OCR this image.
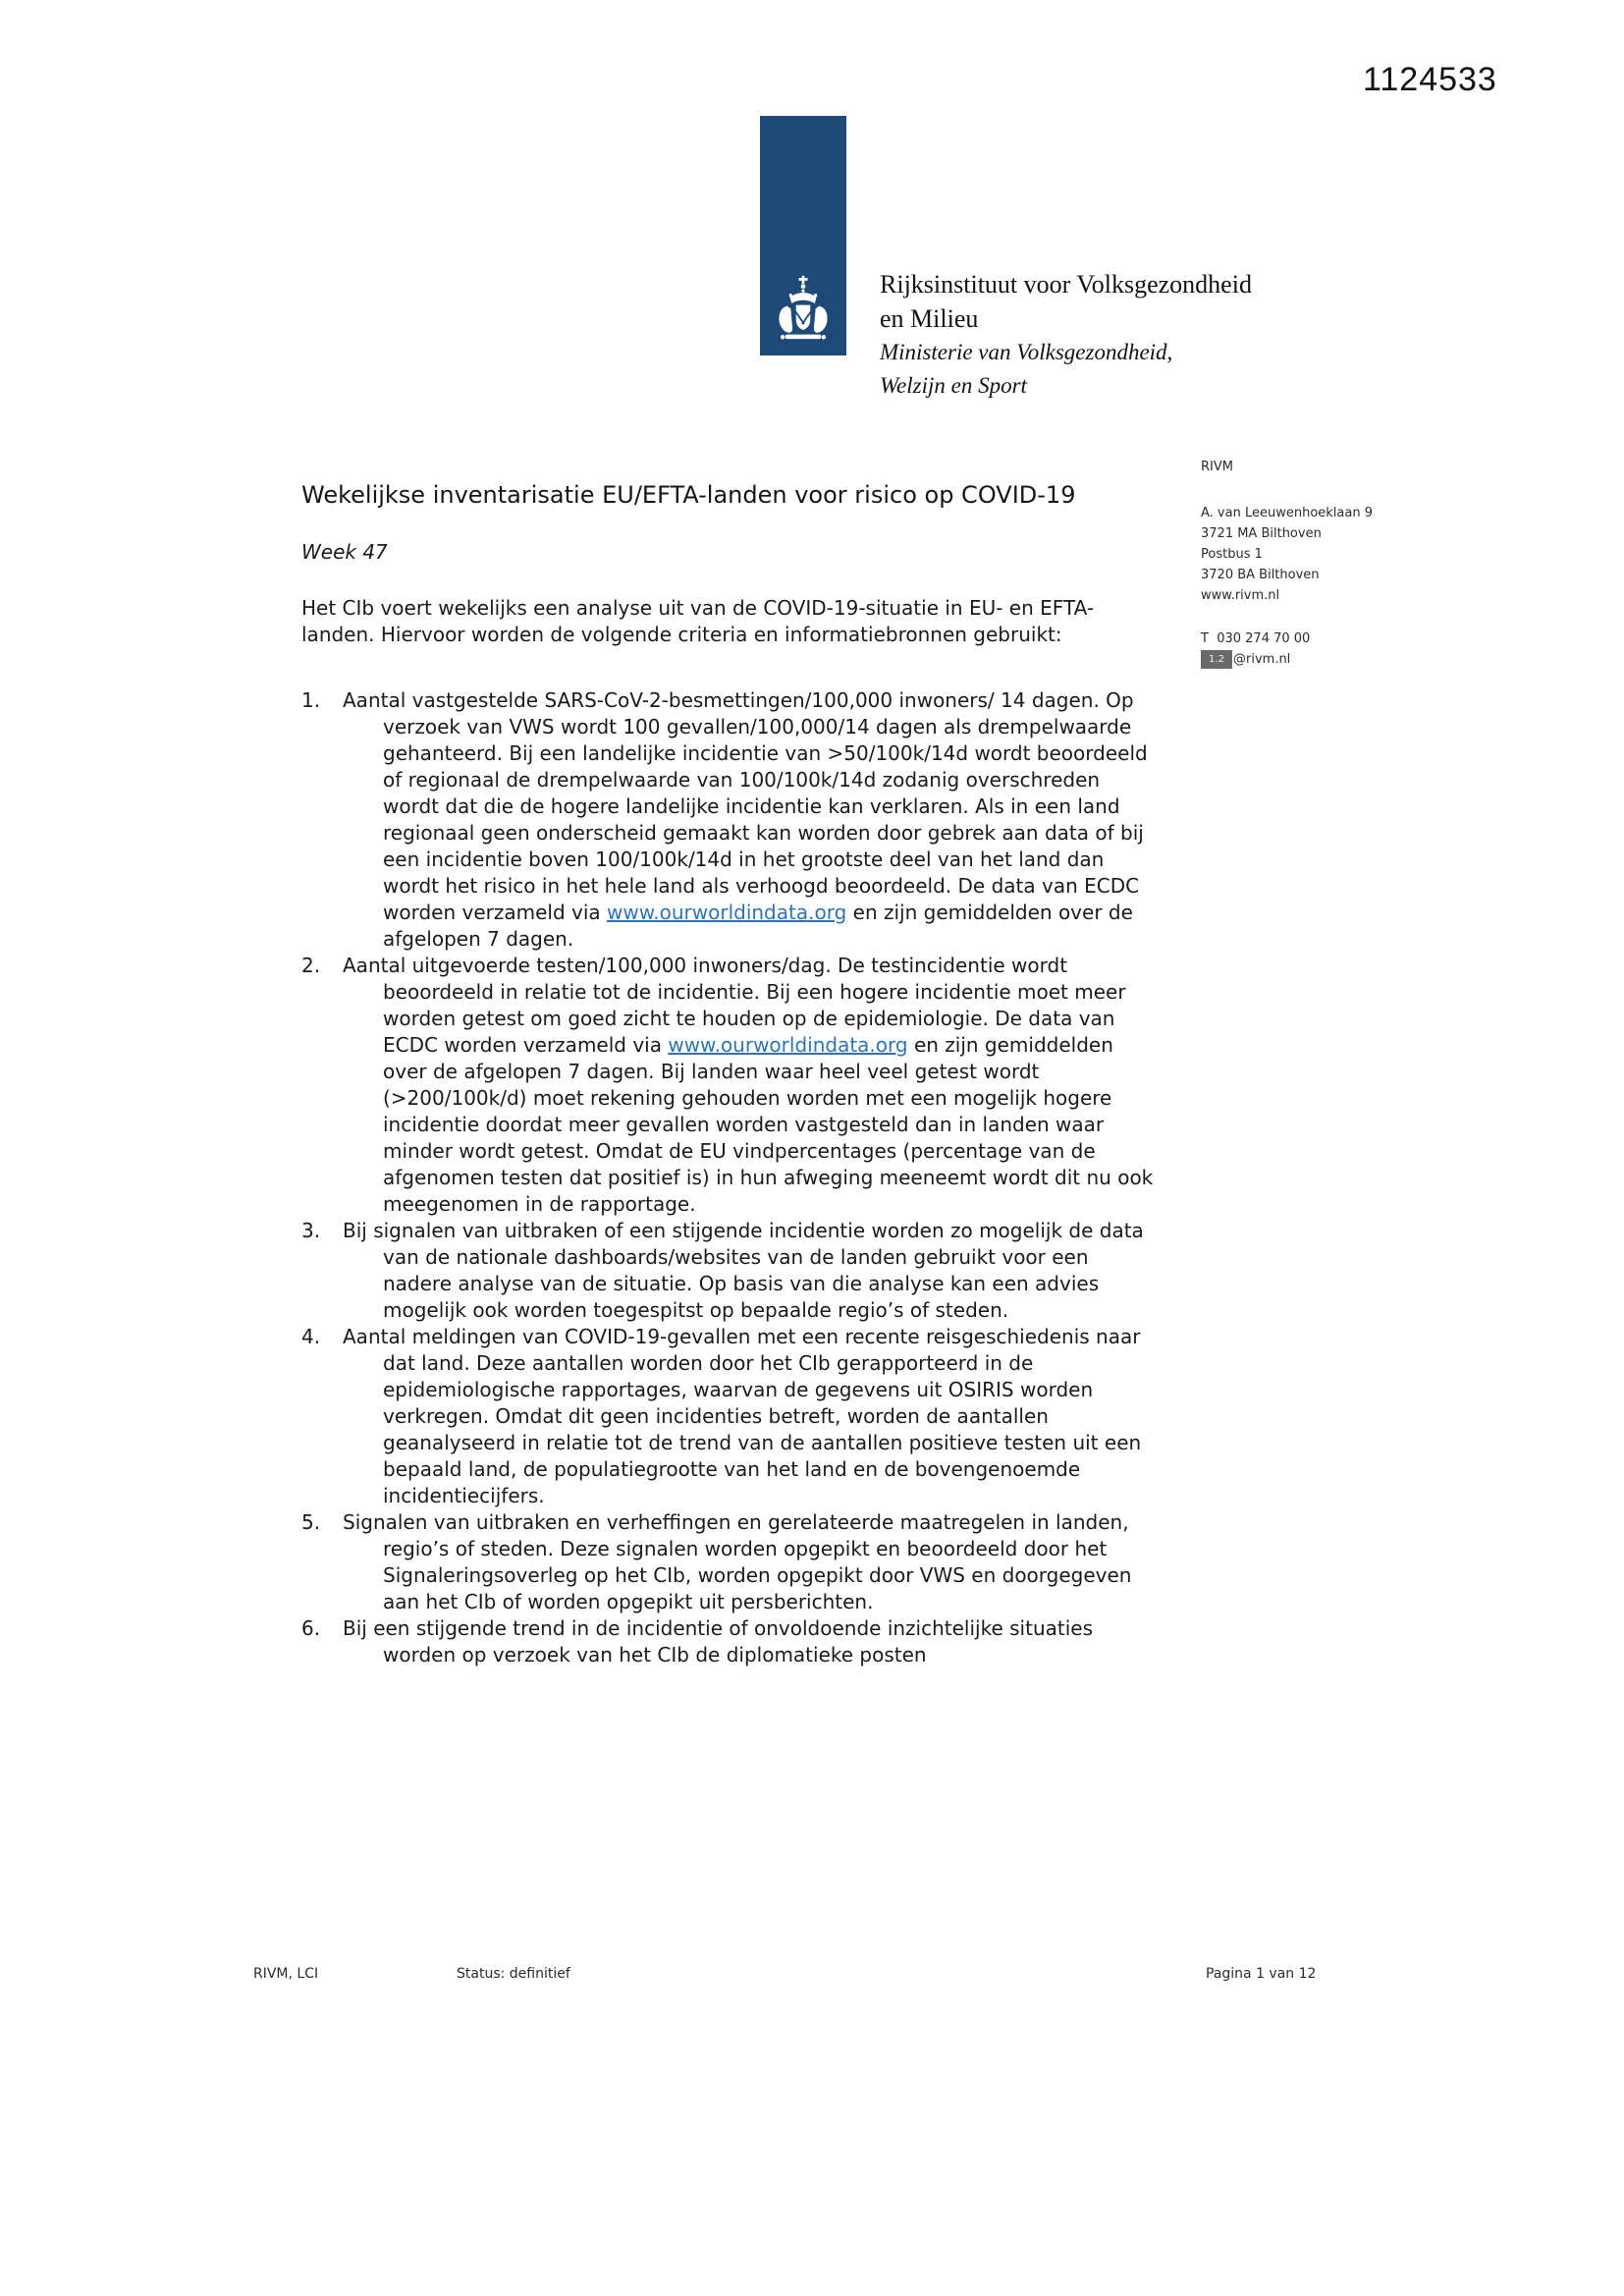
1124533
Rijksinstituut voor Volksgezondheid
en Milieu
Ministerie van Volksgezondheid,
Welzijn en Sport
RIVM
A. van Leeuwenhoeklaan 9
3721 MA Bilthoven
Postbus 1
3720 BA Bilthoven
www.rivm.nl
T  030 274 70 00
1.2 @rivm.nl
Wekelijkse inventarisatie EU/EFTA-landen voor risico op COVID-19
Week 47

Het CIb voert wekelijks een analyse uit van de COVID-19-situatie in EU- en EFTA-landen. Hiervoor worden de volgende criteria en informatiebronnen gebruikt:

1. Aantal vastgestelde SARS-CoV-2-besmettingen/100,000 inwoners/ 14 dagen. Op verzoek van VWS wordt 100 gevallen/100,000/14 dagen als drempelwaarde gehanteerd. Bij een landelijke incidentie van >50/100k/14d wordt beoordeeld of regionaal de drempelwaarde van 100/100k/14d zodanig overschreden wordt dat die de hogere landelijke incidentie kan verklaren. Als in een land regionaal geen onderscheid gemaakt kan worden door gebrek aan data of bij een incidentie boven 100/100k/14d in het grootste deel van het land dan wordt het risico in het hele land als verhoogd beoordeeld. De data van ECDC worden verzameld via www.ourworldindata.org en zijn gemiddelden over de afgelopen 7 dagen.
2. Aantal uitgevoerde testen/100,000 inwoners/dag. De testincidentie wordt beoordeeld in relatie tot de incidentie. Bij een hogere incidentie moet meer worden getest om goed zicht te houden op de epidemiologie. De data van ECDC worden verzameld via www.ourworldindata.org en zijn gemiddelden over de afgelopen 7 dagen. Bij landen waar heel veel getest wordt (>200/100k/d) moet rekening gehouden worden met een mogelijk hogere incidentie doordat meer gevallen worden vastgesteld dan in landen waar minder wordt getest. Omdat de EU vindpercentages (percentage van de afgenomen testen dat positief is) in hun afweging meeneemt wordt dit nu ook meegenomen in de rapportage.
3. Bij signalen van uitbraken of een stijgende incidentie worden zo mogelijk de data van de nationale dashboards/websites van de landen gebruikt voor een nadere analyse van de situatie. Op basis van die analyse kan een advies mogelijk ook worden toegespitst op bepaalde regio’s of steden.
4. Aantal meldingen van COVID-19-gevallen met een recente reisgeschiedenis naar dat land. Deze aantallen worden door het CIb gerapporteerd in de epidemiologische rapportages, waarvan de gegevens uit OSIRIS worden verkregen. Omdat dit geen incidenties betreft, worden de aantallen geanalyseerd in relatie tot de trend van de aantallen positieve testen uit een bepaald land, de populatiegrootte van het land en de bovengenoemde incidentiecijfers.
5. Signalen van uitbraken en verheffingen en gerelateerde maatregelen in landen, regio’s of steden. Deze signalen worden opgepikt en beoordeeld door het Signaleringsoverleg op het CIb, worden opgepikt door VWS en doorgegeven aan het CIb of worden opgepikt uit persberichten.
6. Bij een stijgende trend in de incidentie of onvoldoende inzichtelijke situaties worden op verzoek van het CIb de diplomatieke posten
RIVM, LCI	Status: definitief	Pagina 1 van 12
